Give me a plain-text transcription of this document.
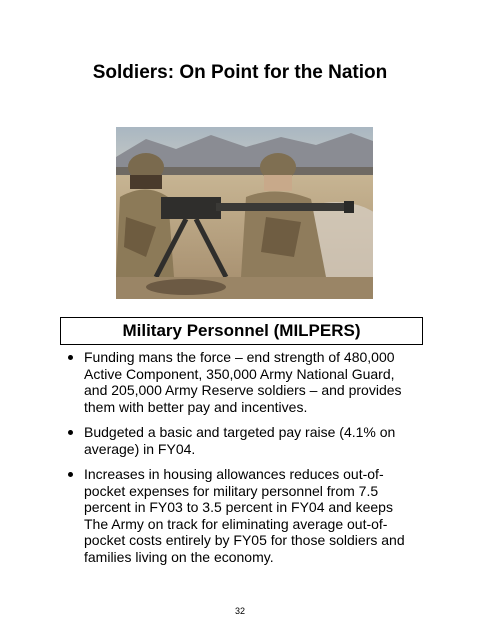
Soldiers: On Point for the Nation
Military Personnel (MILPERS)
Funding mans the force – end strength of 480,000 Active Component, 350,000 Army National Guard, and 205,000 Army Reserve soldiers – and provides them with better pay and incentives.
Budgeted a basic and targeted pay raise (4.1% on average) in FY04.
Increases in housing allowances reduces out-of-pocket expenses for military personnel from 7.5 percent in FY03 to 3.5 percent in FY04 and keeps The Army on track for eliminating average out-of-pocket costs entirely by FY05 for those soldiers and families living on the economy.
32
